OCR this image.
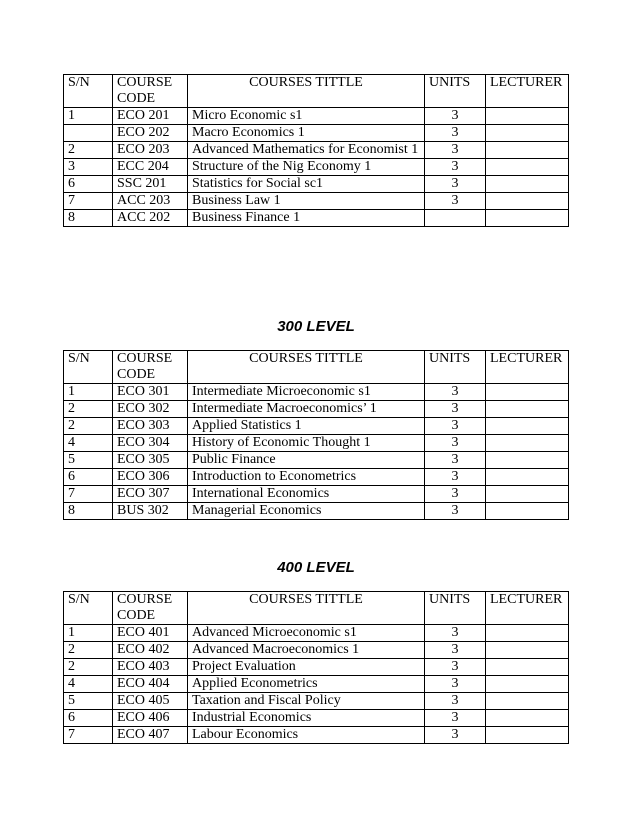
S/N	COURSE CODE	COURSES TITTLE	UNITS	LECTURER
1	ECO 201	Micro Economic s1	3	
	ECO 202	Macro Economics 1	3	
2	ECO 203	Advanced Mathematics for Economist 1	3	
3	ECC 204	Structure of the Nig Economy 1	3	
6	SSC 201	Statistics for Social sc1	3	
7	ACC 203	Business Law 1	3	
8	ACC 202	Business Finance 1		
300 LEVEL
S/N	COURSE CODE	COURSES TITTLE	UNITS	LECTURER
1	ECO 301	Intermediate Microeconomic s1	3	
2	ECO 302	Intermediate Macroeconomics’ 1	3	
2	ECO 303	Applied Statistics 1	3	
4	ECO 304	History of Economic Thought 1	3	
5	ECO 305	Public Finance	3	
6	ECO 306	Introduction to Econometrics	3	
7	ECO 307	International Economics	3	
8	BUS 302	Managerial Economics	3	
400 LEVEL
S/N	COURSE CODE	COURSES TITTLE	UNITS	LECTURER
1	ECO 401	Advanced Microeconomic s1	3	
2	ECO 402	Advanced Macroeconomics 1	3	
2	ECO 403	Project Evaluation	3	
4	ECO 404	Applied Econometrics	3	
5	ECO 405	Taxation and Fiscal Policy	3	
6	ECO 406	Industrial Economics	3	
7	ECO 407	Labour Economics	3	
